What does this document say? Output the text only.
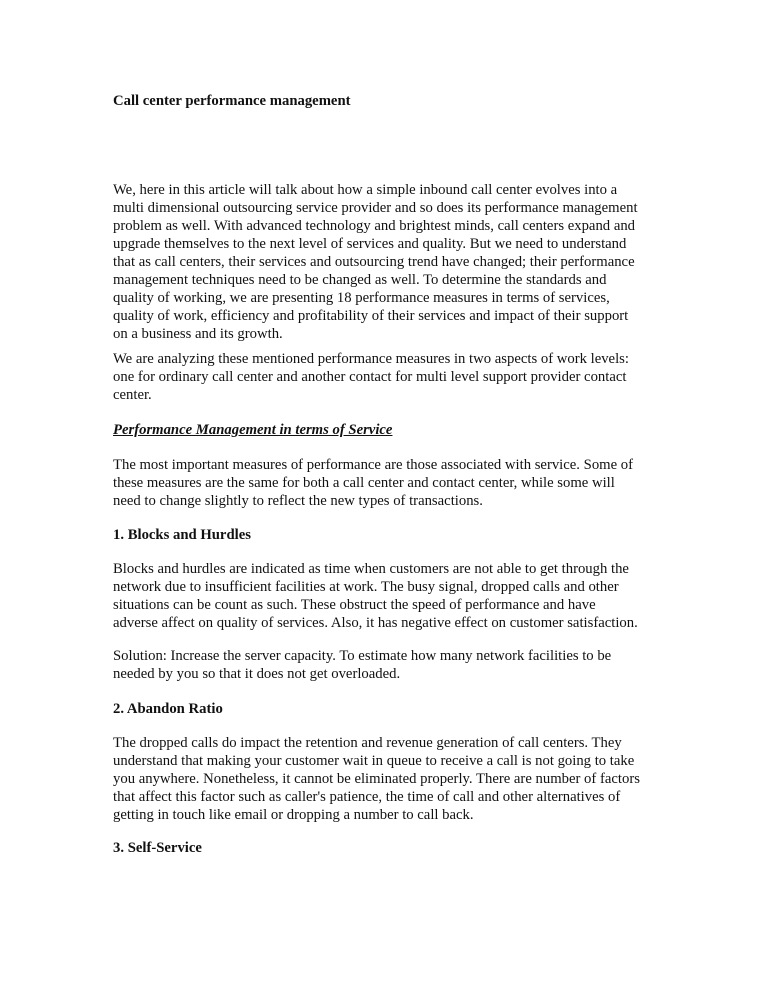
Call center performance management

We, here in this article will talk about how a simple inbound call center evolves into a
multi dimensional outsourcing service provider and so does its performance management
problem as well. With advanced technology and brightest minds, call centers expand and
upgrade themselves to the next level of services and quality. But we need to understand
that as call centers, their services and outsourcing trend have changed; their performance
management techniques need to be changed as well. To determine the standards and
quality of working, we are presenting 18 performance measures in terms of services,
quality of work, efficiency and profitability of their services and impact of their support
on a business and its growth.

We are analyzing these mentioned performance measures in two aspects of work levels:
one for ordinary call center and another contact for multi level support provider contact
center.

Performance Management in terms of Service

The most important measures of performance are those associated with service. Some of
these measures are the same for both a call center and contact center, while some will
need to change slightly to reflect the new types of transactions.

1. Blocks and Hurdles

Blocks and hurdles are indicated as time when customers are not able to get through the
network due to insufficient facilities at work. The busy signal, dropped calls and other
situations can be count as such. These obstruct the speed of performance and have
adverse affect on quality of services. Also, it has negative effect on customer satisfaction.

Solution: Increase the server capacity. To estimate how many network facilities to be
needed by you so that it does not get overloaded.

2. Abandon Ratio

The dropped calls do impact the retention and revenue generation of call centers. They
understand that making your customer wait in queue to receive a call is not going to take
you anywhere. Nonetheless, it cannot be eliminated properly. There are number of factors
that affect this factor such as caller's patience, the time of call and other alternatives of
getting in touch like email or dropping a number to call back.

3. Self-Service
